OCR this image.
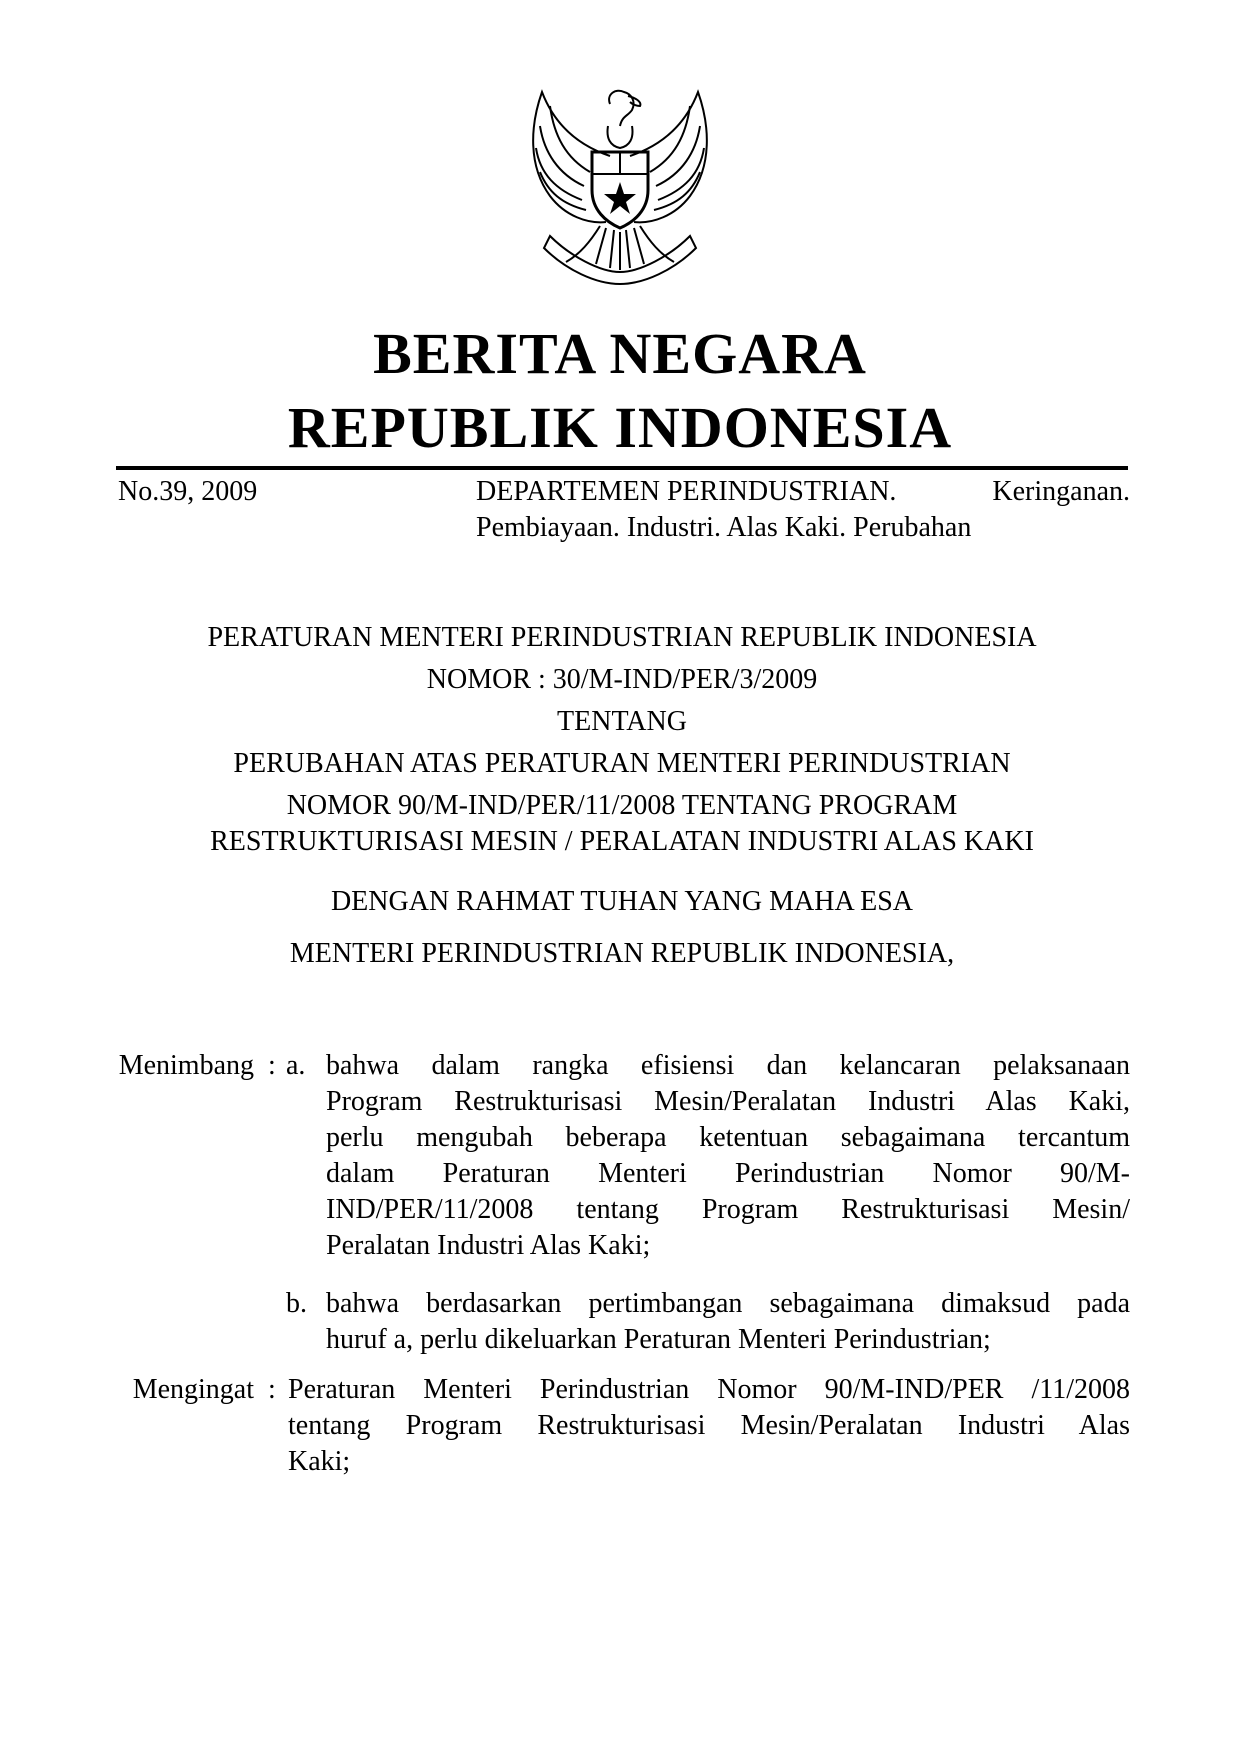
BERITA NEGARA
REPUBLIK INDONESIA
No.39, 2009	DEPARTEMEN PERINDUSTRIAN.	Keringanan.
Pembiayaan. Industri. Alas Kaki. Perubahan
PERATURAN MENTERI PERINDUSTRIAN REPUBLIK INDONESIA
NOMOR : 30/M-IND/PER/3/2009
TENTANG
PERUBAHAN ATAS PERATURAN MENTERI PERINDUSTRIAN
NOMOR 90/M-IND/PER/11/2008 TENTANG PROGRAM
RESTRUKTURISASI MESIN / PERALATAN INDUSTRI ALAS KAKI
DENGAN RAHMAT TUHAN YANG MAHA ESA
MENTERI PERINDUSTRIAN REPUBLIK INDONESIA,
Menimbang : a. bahwa dalam rangka efisiensi dan kelancaran pelaksanaan
Program Restrukturisasi Mesin/Peralatan Industri Alas Kaki,
perlu mengubah beberapa ketentuan sebagaimana tercantum
dalam Peraturan Menteri Perindustrian Nomor 90/M-
IND/PER/11/2008 tentang Program Restrukturisasi Mesin/
Peralatan Industri Alas Kaki;
b. bahwa berdasarkan pertimbangan sebagaimana dimaksud pada
huruf a, perlu dikeluarkan Peraturan Menteri Perindustrian;
Mengingat : Peraturan Menteri Perindustrian Nomor 90/M-IND/PER /11/2008
tentang Program Restrukturisasi Mesin/Peralatan Industri Alas
Kaki;
